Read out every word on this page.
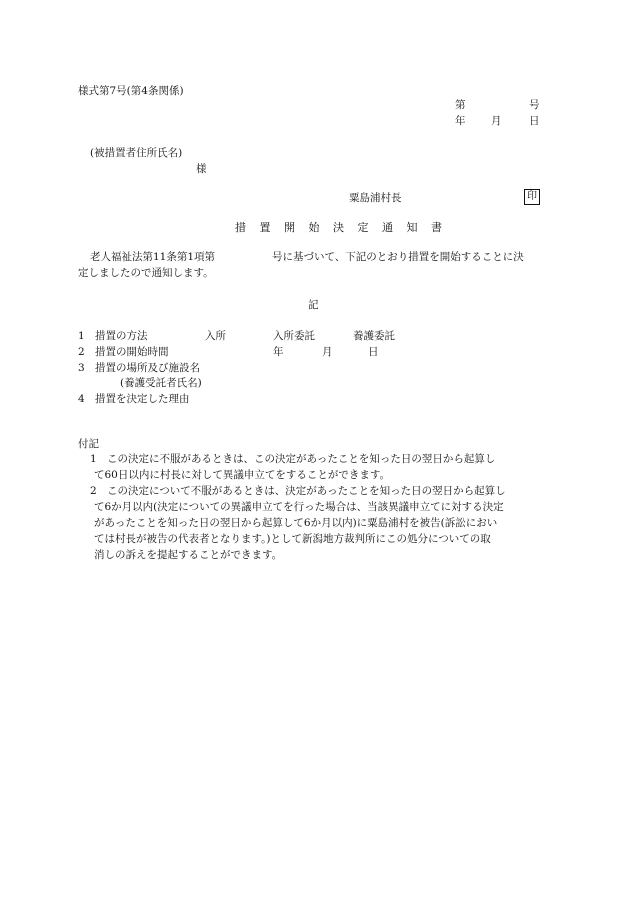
様式第7号(第4条関係)
第	号
年 月	日
(被措置者住所氏名)
様
粟島浦村長	印
措 置 開 始 決 定 通 知 書
老人福祉法第11条第1項第	号に基づいて、下記のとおり措置を開始することに決
定しましたので通知します。
記
1 措置の方法	入所	入所委託	養護委託
2 措置の開始時間	年	月	日
3 措置の場所及び施設名
(養護受託者氏名)
4 措置を決定した理由
付記
1 この決定に不服があるときは、この決定があったことを知った日の翌日から起算し
て60日以内に村長に対して異議申立てをすることができます。
2 この決定について不服があるときは、決定があったことを知った日の翌日から起算し
て6か月以内(決定についての異議申立てを行った場合は、当該異議申立てに対する決定
があったことを知った日の翌日から起算して6か月以内)に粟島浦村を被告(訴訟におい
ては村長が被告の代表者となります。)として新潟地方裁判所にこの処分についての取
消しの訴えを提起することができます。
